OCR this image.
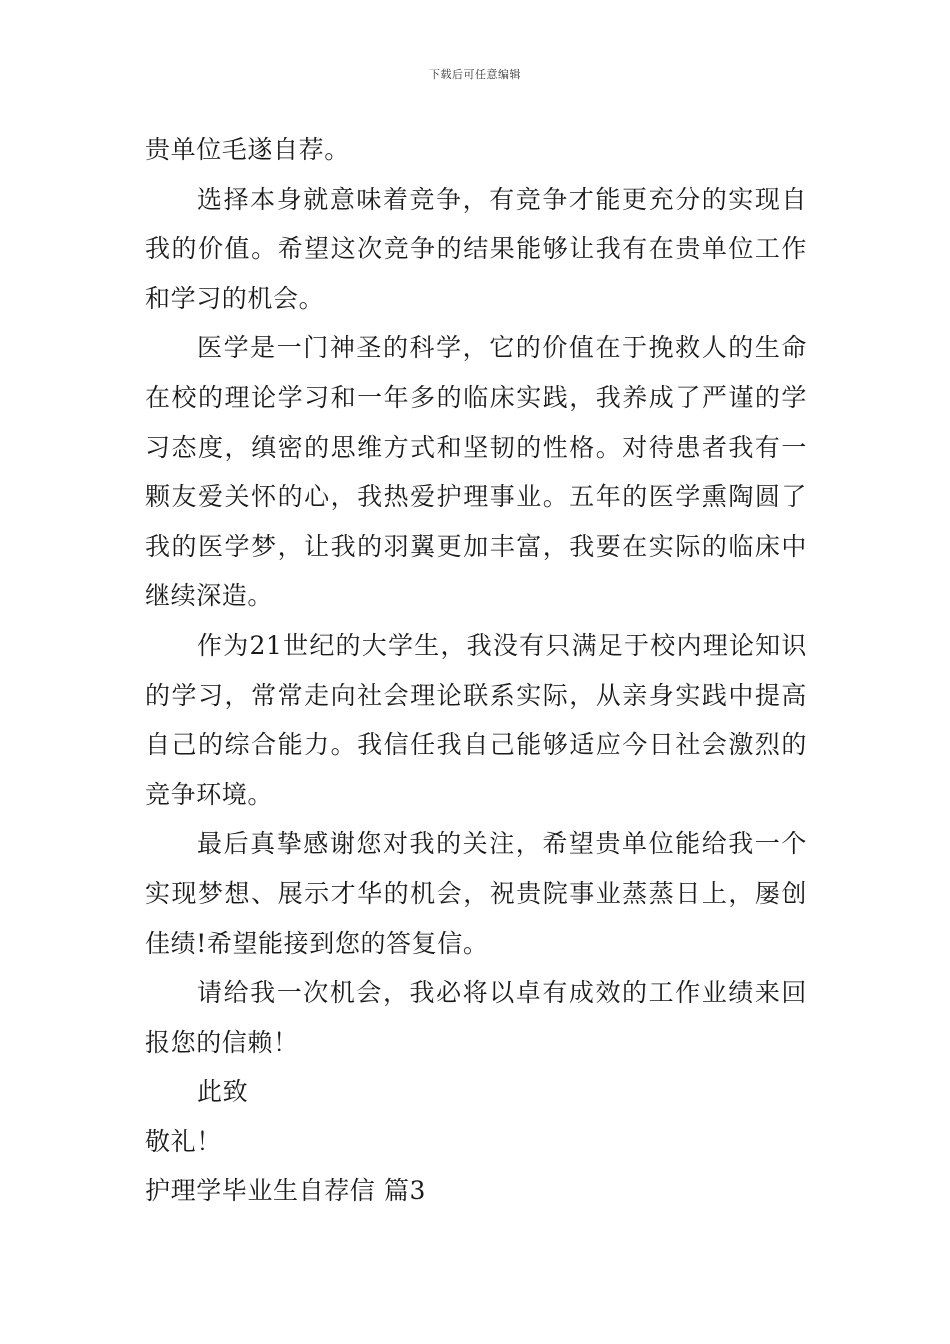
下载后可任意编辑

贵单位毛遂自荐。

选择本身就意味着竞争，有竞争才能更充分的实现自我的价值。希望这次竞争的结果能够让我有在贵单位工作和学习的机会。

医学是一门神圣的科学，它的价值在于挽救人的生命在校的理论学习和一年多的临床实践，我养成了严谨的学习态度，缜密的思维方式和坚韧的性格。对待患者我有一颗友爱关怀的心，我热爱护理事业。五年的医学熏陶圆了我的医学梦，让我的羽翼更加丰富，我要在实际的临床中继续深造。

作为21世纪的大学生，我没有只满足于校内理论知识的学习，常常走向社会理论联系实际，从亲身实践中提高自己的综合能力。我信任我自己能够适应今日社会激烈的竞争环境。

最后真挚感谢您对我的关注，希望贵单位能给我一个实现梦想、展示才华的机会，祝贵院事业蒸蒸日上，屡创佳绩!希望能接到您的答复信。

请给我一次机会，我必将以卓有成效的工作业绩来回报您的信赖！

此致

敬礼！

护理学毕业生自荐信 篇3
